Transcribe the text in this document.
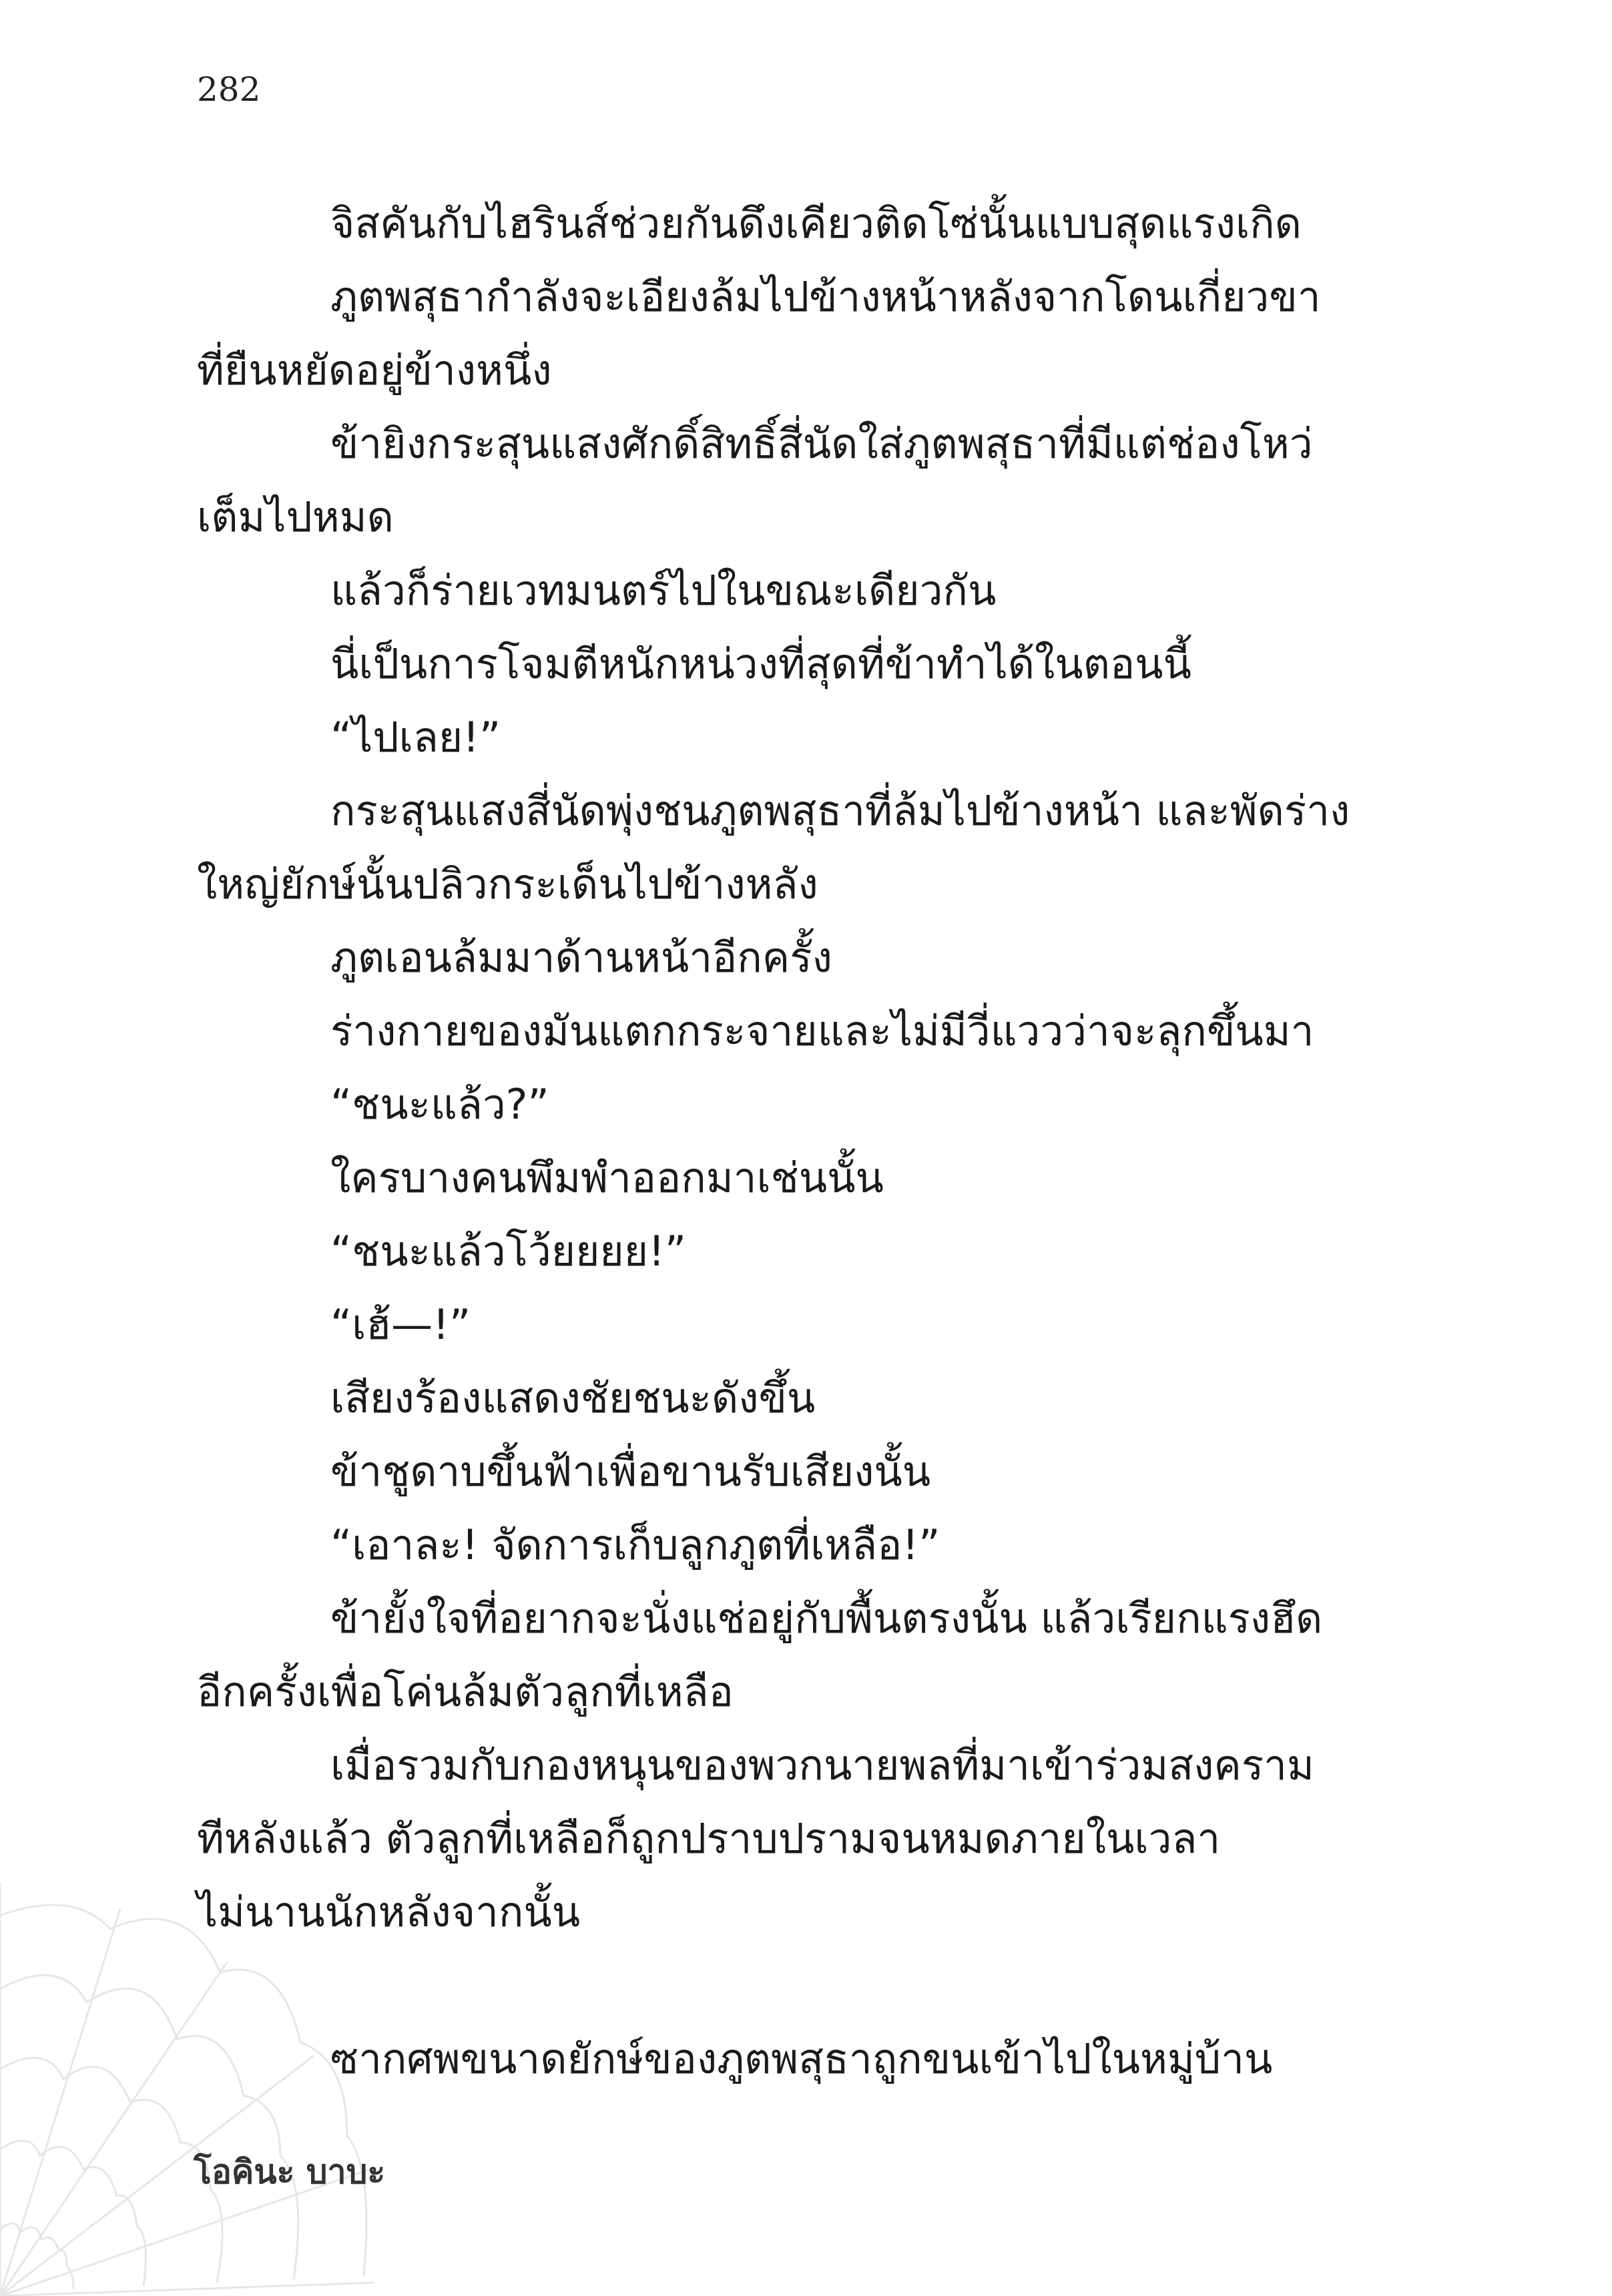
282
จิสคันกับไฮรินส์ช่วยกันดึงเคียวติดโซ่นั้นแบบสุดแรงเกิด
ภูตพสุธากำลังจะเอียงล้มไปข้างหน้าหลังจากโดนเกี่ยวขา
ที่ยืนหยัดอยู่ข้างหนึ่ง
ข้ายิงกระสุนแสงศักดิ์สิทธิ์สี่นัดใส่ภูตพสุธาที่มีแต่ช่องโหว่
เต็มไปหมด
แล้วก็ร่ายเวทมนตร์ไปในขณะเดียวกัน
นี่เป็นการโจมตีหนักหน่วงที่สุดที่ข้าทำได้ในตอนนี้
“ไปเลย!”
กระสุนแสงสี่นัดพุ่งชนภูตพสุธาที่ล้มไปข้างหน้า และพัดร่าง
ใหญ่ยักษ์นั้นปลิวกระเด็นไปข้างหลัง
ภูตเอนล้มมาด้านหน้าอีกครั้ง
ร่างกายของมันแตกกระจายและไม่มีวี่แววว่าจะลุกขึ้นมา
“ชนะแล้ว?”
ใครบางคนพึมพำออกมาเช่นนั้น
“ชนะแล้วโว้ยยยย!”
“เฮ้—!”
เสียงร้องแสดงชัยชนะดังขึ้น
ข้าชูดาบขึ้นฟ้าเพื่อขานรับเสียงนั้น
“เอาละ! จัดการเก็บลูกภูตที่เหลือ!”
ข้ายั้งใจที่อยากจะนั่งแช่อยู่กับพื้นตรงนั้น แล้วเรียกแรงฮึด
อีกครั้งเพื่อโค่นล้มตัวลูกที่เหลือ
เมื่อรวมกับกองหนุนของพวกนายพลที่มาเข้าร่วมสงคราม
ทีหลังแล้ว ตัวลูกที่เหลือก็ถูกปราบปรามจนหมดภายในเวลา
ไม่นานนักหลังจากนั้น
ซากศพขนาดยักษ์ของภูตพสุธาถูกขนเข้าไปในหมู่บ้าน
โอคินะ บาบะ
